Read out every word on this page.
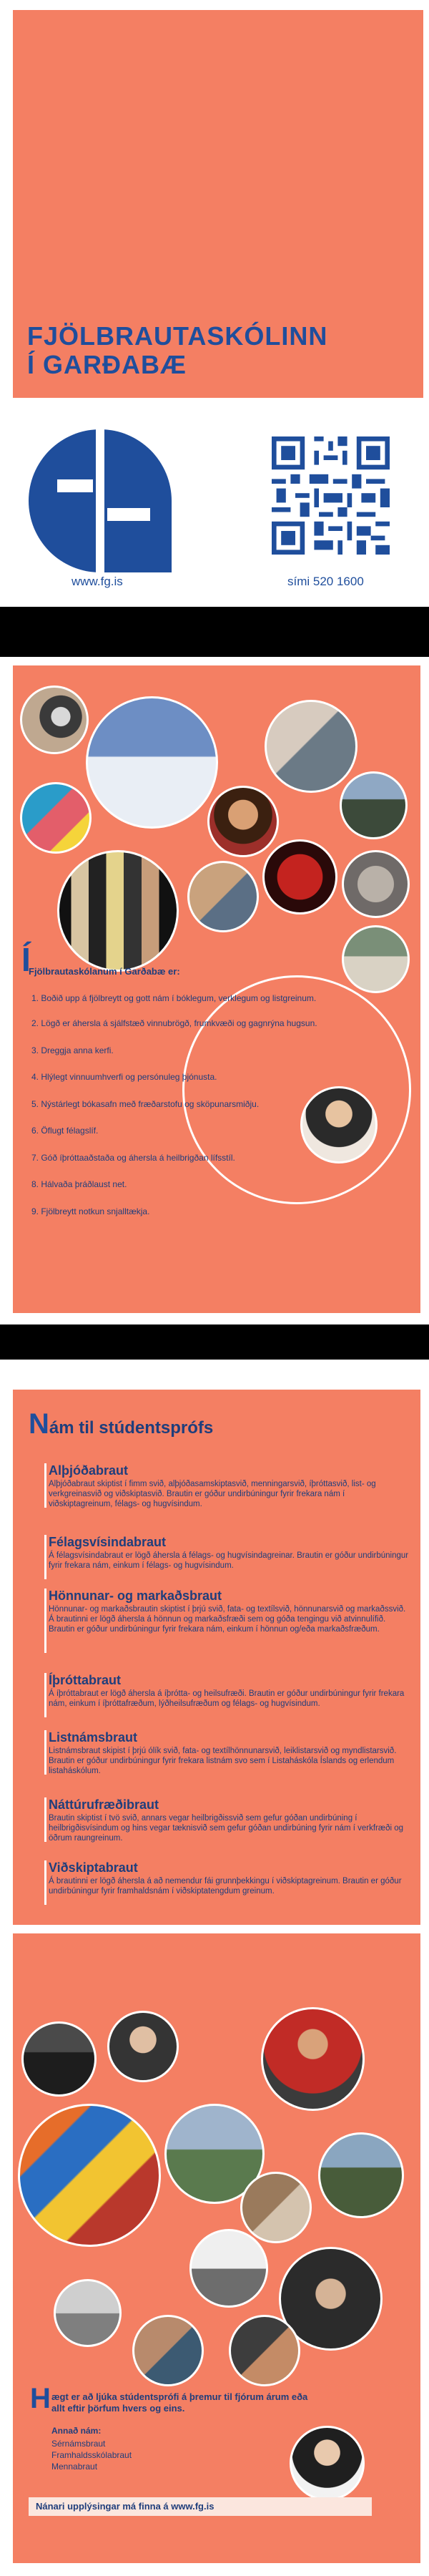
FJÖLBRAUTASKÓLINN
Í GARÐABÆ
www.fg.is	sími 520 1600
Í
Fjölbrautaskólanum í Garðabæ er:
1. Boðið upp á fjölbreytt og gott nám í bóklegum, verklegum og listgreinum.
2. Lögð er áhersla á sjálfstæð vinnubrögð, frumkvæði og gagnrýna hugsun.
3. Dreggja anna kerfi.
4. Hlýlegt vinnuumhverfi og persónuleg þjónusta.
5. Nýstárlegt bókasafn með fræðarstofu og sköpunarsmiðju.
6. Öflugt félagslíf.
7. Góð íþróttaaðstaða og áhersla á heilbrigðan lífsstíl.
8. Hálvaða þráðlaust net.
9. Fjölbreytt notkun snjalltækja.
Nám til stúdentsprófs
Alþjóðabraut
Alþjóðabraut skiptist í fimm svið, alþjóðasamskiptasvið, menningarsvið, íþróttasvið, list- og verkgreinasvið og viðskiptasvið. Brautin er góður undirbúningur fyrir frekara nám í viðskiptagreinum, félags- og hugvísindum.
Félagsvísindabraut
Á félagsvísindabraut er lögð áhersla á félags- og hugvísindagreinar. Brautin er góður undirbúningur fyrir frekara nám, einkum í félags- og hugvísindum.
Hönnunar- og markaðsbraut
Hönnunar- og markaðsbrautin skiptist í þrjú svið, fata- og textílsvið, hönnunarsvið og markaðssvið. Á brautinni er lögð áhersla á hönnun og markaðsfræði sem og góða tengingu við atvinnulífið. Brautin er góður undirbúningur fyrir frekara nám, einkum í hönnun og/eða markaðsfræðum.
Íþróttabraut
Á íþróttabraut er lögð áhersla á íþrótta- og heilsufræði. Brautin er góður undirbúningur fyrir frekara nám, einkum í íþróttafræðum, lýðheilsufræðum og félags- og hugvísindum.
Listnámsbraut
Listnámsbraut skipist í þrjú ólík svið, fata- og textílhönnunarsvið, leiklistarsvið og myndlistarsvið. Brautin er góður undirbúningur fyrir frekara listnám svo sem í Listaháskóla Íslands og erlendum listaháskólum.
Náttúrufræðibraut
Brautin skiptist í tvö svið, annars vegar heilbrigðissvið sem gefur góðan undirbúning í heilbrigðisvísindum og hins vegar tæknisvið sem gefur góðan undirbúning fyrir nám í verkfræði og öðrum raungreinum.
Viðskiptabraut
Á brautinni er lögð áhersla á að nemendur fái grunnþekkingu í viðskiptagreinum. Brautin er góður undirbúningur fyrir framhaldsnám í viðskiptatengdum greinum.
H ægt er að ljúka stúdentsprófi á þremur til fjórum árum eða allt eftir þörfum hvers og eins.
Annað nám:
Sérnámsbraut
Framhaldsskólabraut
Mennabraut
Nánari upplýsingar má finna á www.fg.is
